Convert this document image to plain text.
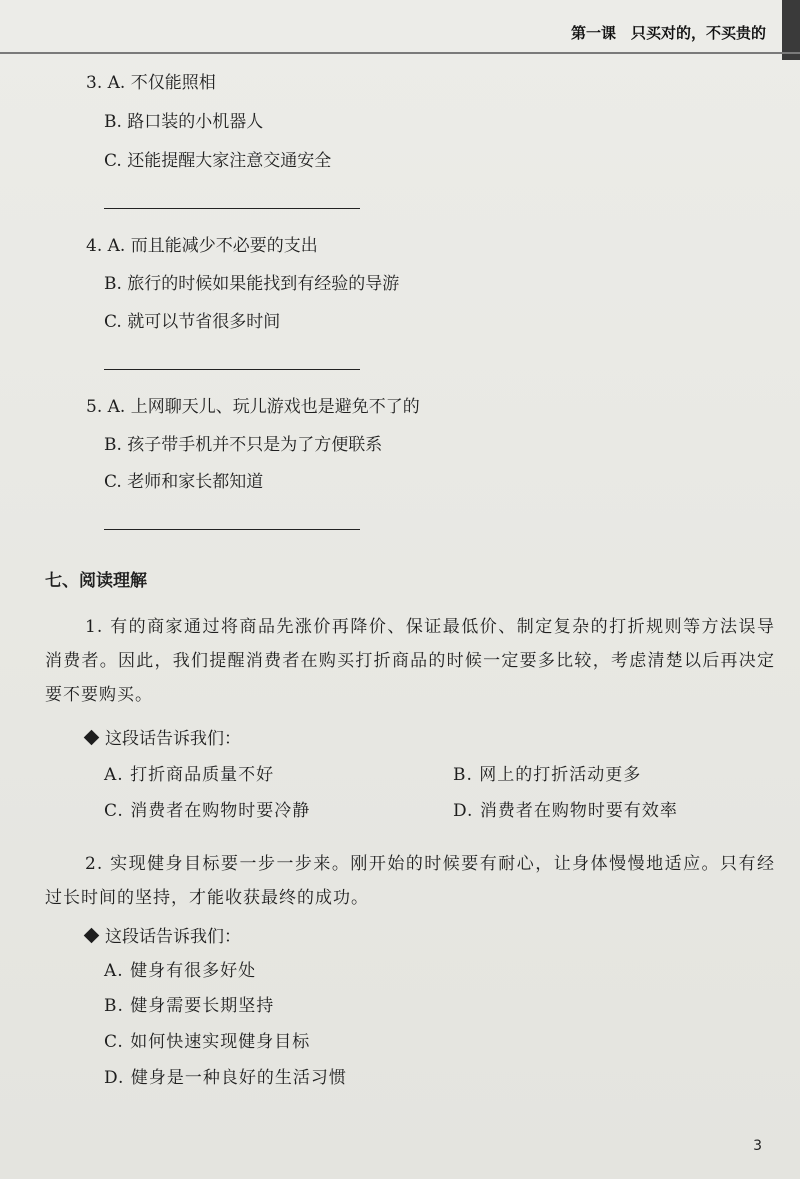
第一课　只买对的，不买贵的
3. A. 不仅能照相
B. 路口装的小机器人
C. 还能提醒大家注意交通安全
4. A. 而且能减少不必要的支出
B. 旅行的时候如果能找到有经验的导游
C. 就可以节省很多时间
5. A. 上网聊天儿、玩儿游戏也是避免不了的
B. 孩子带手机并不只是为了方便联系
C. 老师和家长都知道
七、阅读理解
1. 有的商家通过将商品先涨价再降价、保证最低价、制定复杂的打折规则等方法误导消费者。因此，我们提醒消费者在购买打折商品的时候一定要多比较，考虑清楚以后再决定要不要购买。
这段话告诉我们：
A. 打折商品质量不好	B. 网上的打折活动更多
C. 消费者在购物时要冷静	D. 消费者在购物时要有效率
2. 实现健身目标要一步一步来。刚开始的时候要有耐心，让身体慢慢地适应。只有经过长时间的坚持，才能收获最终的成功。
这段话告诉我们：
A. 健身有很多好处
B. 健身需要长期坚持
C. 如何快速实现健身目标
D. 健身是一种良好的生活习惯
3
